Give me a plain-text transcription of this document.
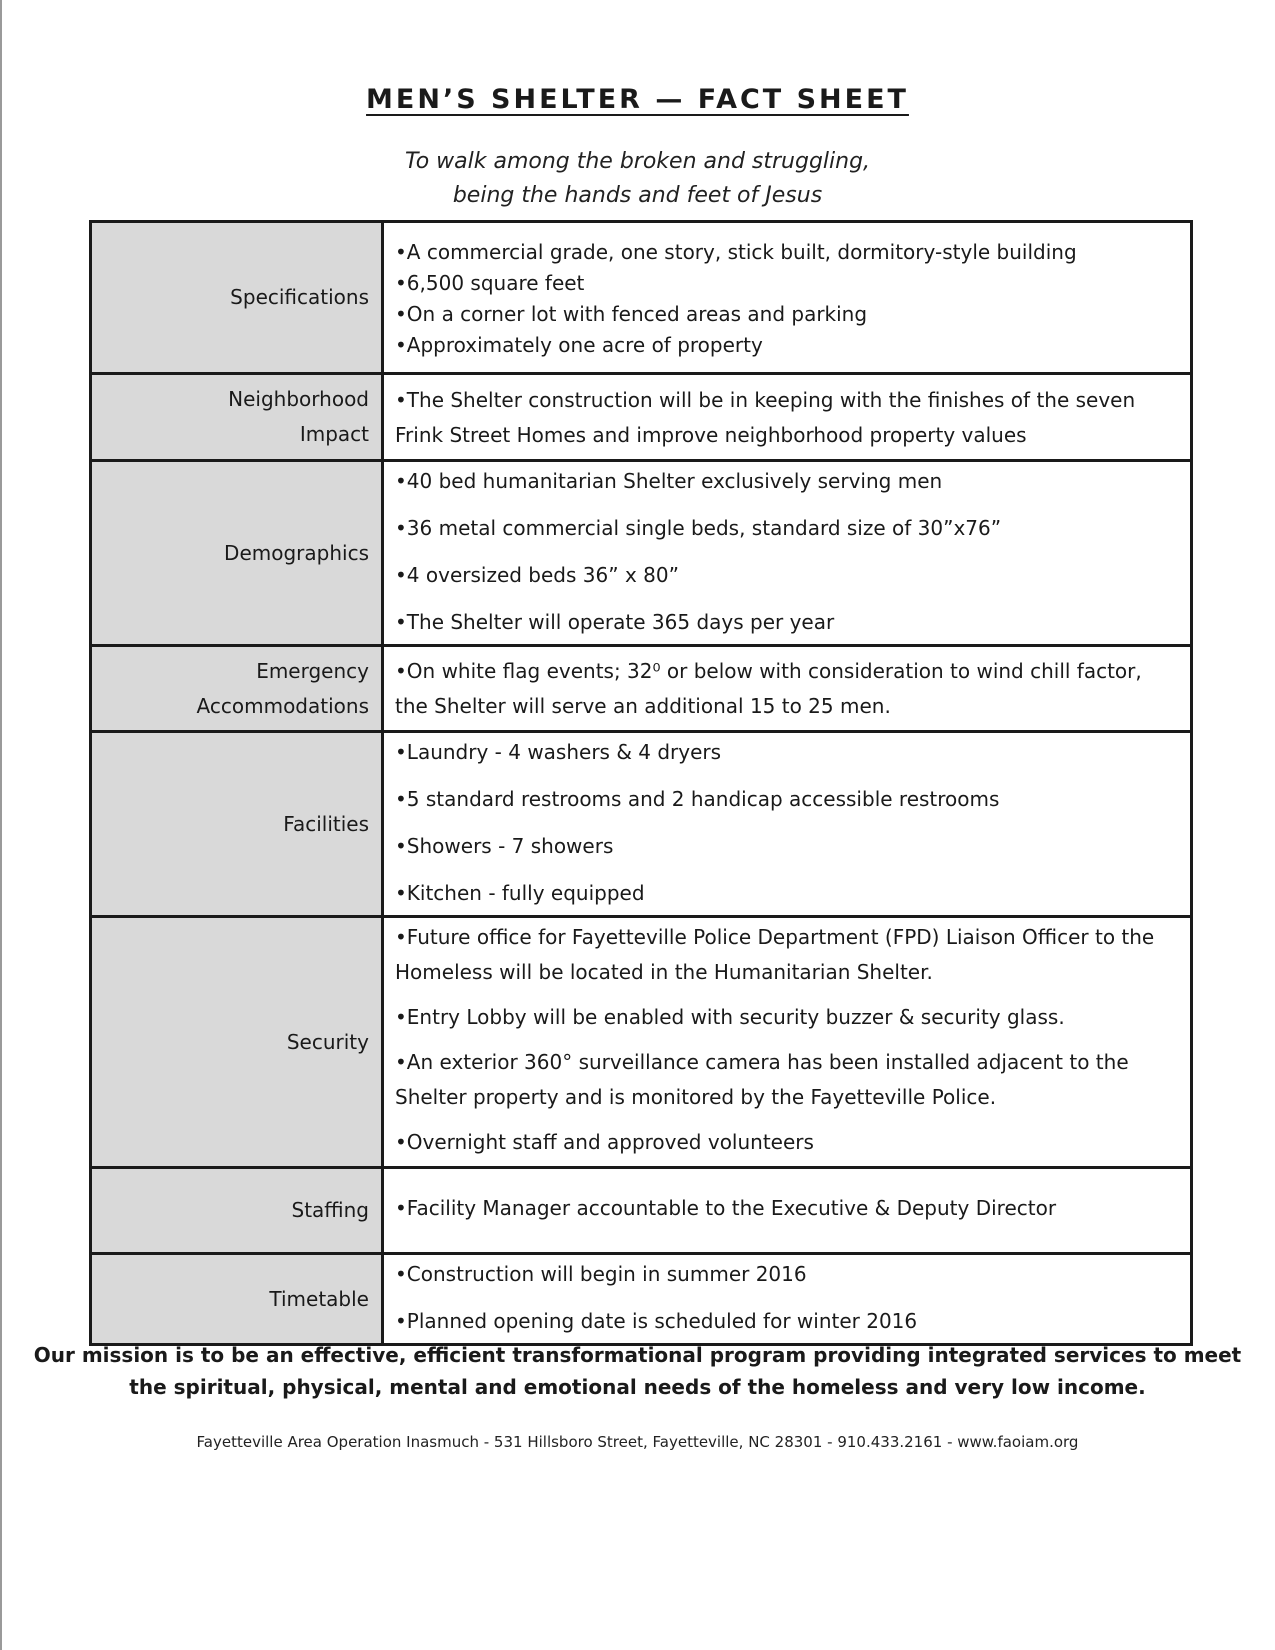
MEN’S SHELTER — FACT SHEET
To walk among the broken and struggling,
being the hands and feet of Jesus
Specifications	•A commercial grade, one story, stick built, dormitory-style building
•6,500 square feet
•On a corner lot with fenced areas and parking
•Approximately one acre of property

Neighborhood
Impact	•The Shelter construction will be in keeping with the finishes of the seven Frink Street Homes and improve neighborhood property values

Demographics	•40 bed humanitarian Shelter exclusively serving men
•36 metal commercial single beds, standard size of 30”x76”
•4 oversized beds 36” x 80”
•The Shelter will operate 365 days per year

Emergency
Accommodations	•On white flag events; 32⁰ or below with consideration to wind chill factor, the Shelter will serve an additional 15 to 25 men.

Facilities	•Laundry - 4 washers & 4 dryers
•5 standard restrooms and 2 handicap accessible restrooms
•Showers - 7 showers
•Kitchen - fully equipped

Security	•Future office for Fayetteville Police Department (FPD) Liaison Officer to the Homeless will be located in the Humanitarian Shelter.
•Entry Lobby will be enabled with security buzzer & security glass.
•An exterior 360° surveillance camera has been installed adjacent to the Shelter property and is monitored by the Fayetteville Police.
•Overnight staff and approved volunteers

Staffing	•Facility Manager accountable to the Executive & Deputy Director

Timetable	•Construction will begin in summer 2016
•Planned opening date is scheduled for winter 2016
Our mission is to be an effective, efficient transformational program providing integrated services to meet
the spiritual, physical, mental and emotional needs of the homeless and very low income.
Fayetteville Area Operation Inasmuch - 531 Hillsboro Street, Fayetteville, NC 28301 - 910.433.2161 - www.faoiam.org
